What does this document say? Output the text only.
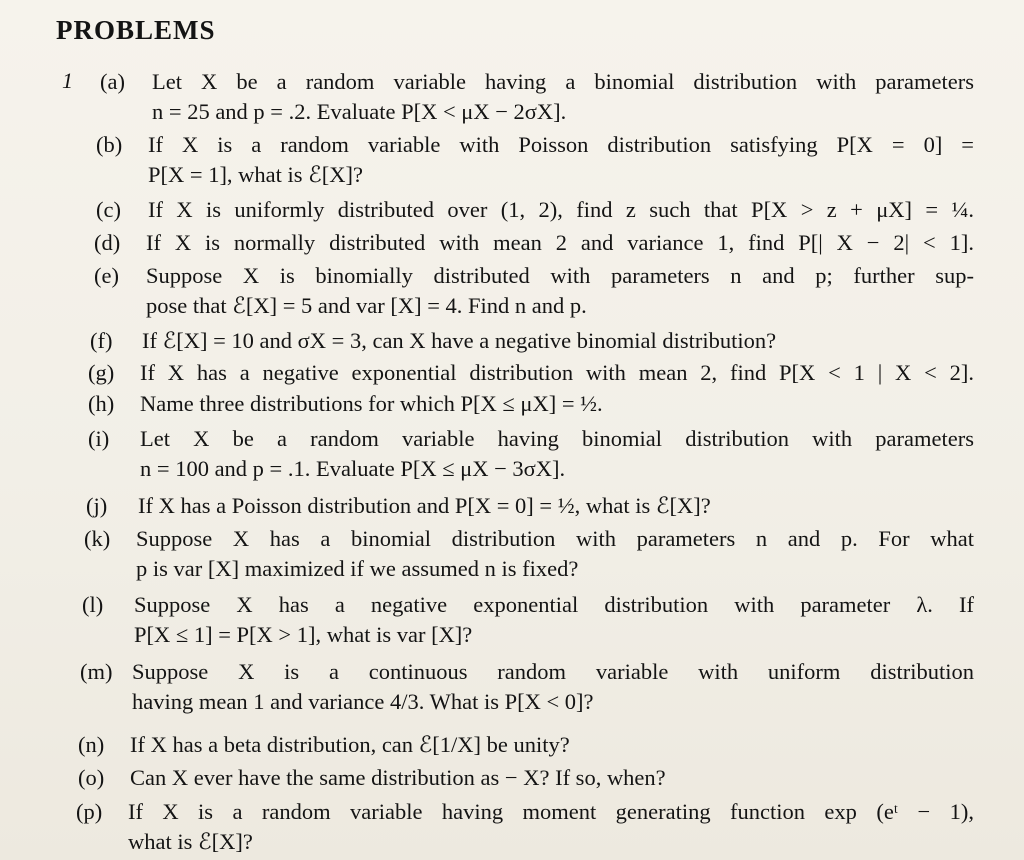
PROBLEMS
1 (a)	Let X be a random variable having a binomial distribution with parameters
n = 25 and p = .2. Evaluate P[X < μX − 2σX].
(b)	If X is a random variable with Poisson distribution satisfying P[X = 0] =
P[X = 1], what is ℰ[X]?
(c)	If X is uniformly distributed over (1, 2), find z such that P[X > z + μX] = ¼.
(d)	If X is normally distributed with mean 2 and variance 1, find P[| X − 2| < 1].
(e)	Suppose X is binomially distributed with parameters n and p; further sup-
pose that ℰ[X] = 5 and var [X] = 4. Find n and p.
(f)	If ℰ[X] = 10 and σX = 3, can X have a negative binomial distribution?
(g)	If X has a negative exponential distribution with mean 2, find P[X < 1 | X < 2].
(h)	Name three distributions for which P[X ≤ μX] = ½.
(i)	Let X be a random variable having binomial distribution with parameters
n = 100 and p = .1. Evaluate P[X ≤ μX − 3σX].
(j)	If X has a Poisson distribution and P[X = 0] = ½, what is ℰ[X]?
(k)	Suppose X has a binomial distribution with parameters n and p. For what
p is var [X] maximized if we assumed n is fixed?
(l)	Suppose X has a negative exponential distribution with parameter λ. If
P[X ≤ 1] = P[X > 1], what is var [X]?
(m) Suppose X is a continuous random variable with uniform distribution
having mean 1 and variance 4/3. What is P[X < 0]?
(n)	If X has a beta distribution, can ℰ[1/X] be unity?
(o)	Can X ever have the same distribution as − X? If so, when?
(p)	If X is a random variable having moment generating function exp (eᵗ − 1),
what is ℰ[X]?
